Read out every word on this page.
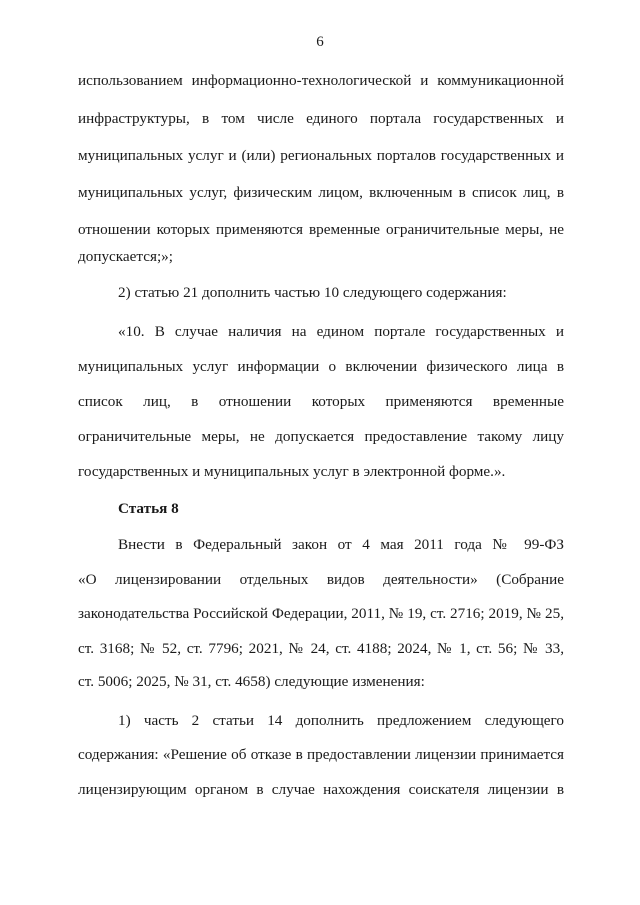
6
использованием информационно-технологической и коммуникационной
инфраструктуры, в том числе единого портала государственных и
муниципальных услуг и (или) региональных порталов государственных и
муниципальных услуг, физическим лицом, включенным в список лиц, в
отношении которых применяются временные ограничительные меры, не
допускается;»;
2) статью 21 дополнить частью 10 следующего содержания:
«10. В случае наличия на едином портале государственных и
муниципальных услуг информации о включении физического лица в
список лиц, в отношении которых применяются временные
ограничительные меры, не допускается предоставление такому лицу
государственных и муниципальных услуг в электронной форме.».
Статья 8
Внести в Федеральный закон от 4 мая 2011 года № 99-ФЗ
«О лицензировании отдельных видов деятельности» (Собрание
законодательства Российской Федерации, 2011, № 19, ст. 2716; 2019, № 25,
ст. 3168; № 52, ст. 7796; 2021, № 24, ст. 4188; 2024, № 1, ст. 56; № 33,
ст. 5006; 2025, № 31, ст. 4658) следующие изменения:
1) часть 2 статьи 14 дополнить предложением следующего
содержания: «Решение об отказе в предоставлении лицензии принимается
лицензирующим органом в случае нахождения соискателя лицензии в
